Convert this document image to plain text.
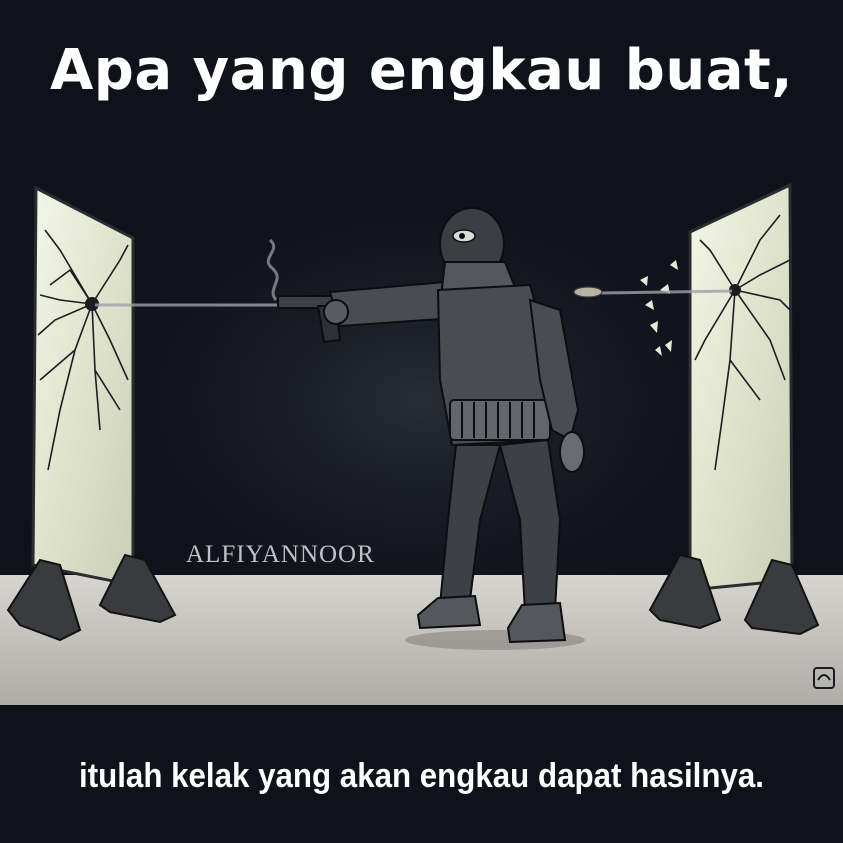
ALFIYANNOOR
Apa yang engkau buat,
itulah kelak yang akan engkau dapat hasilnya.
